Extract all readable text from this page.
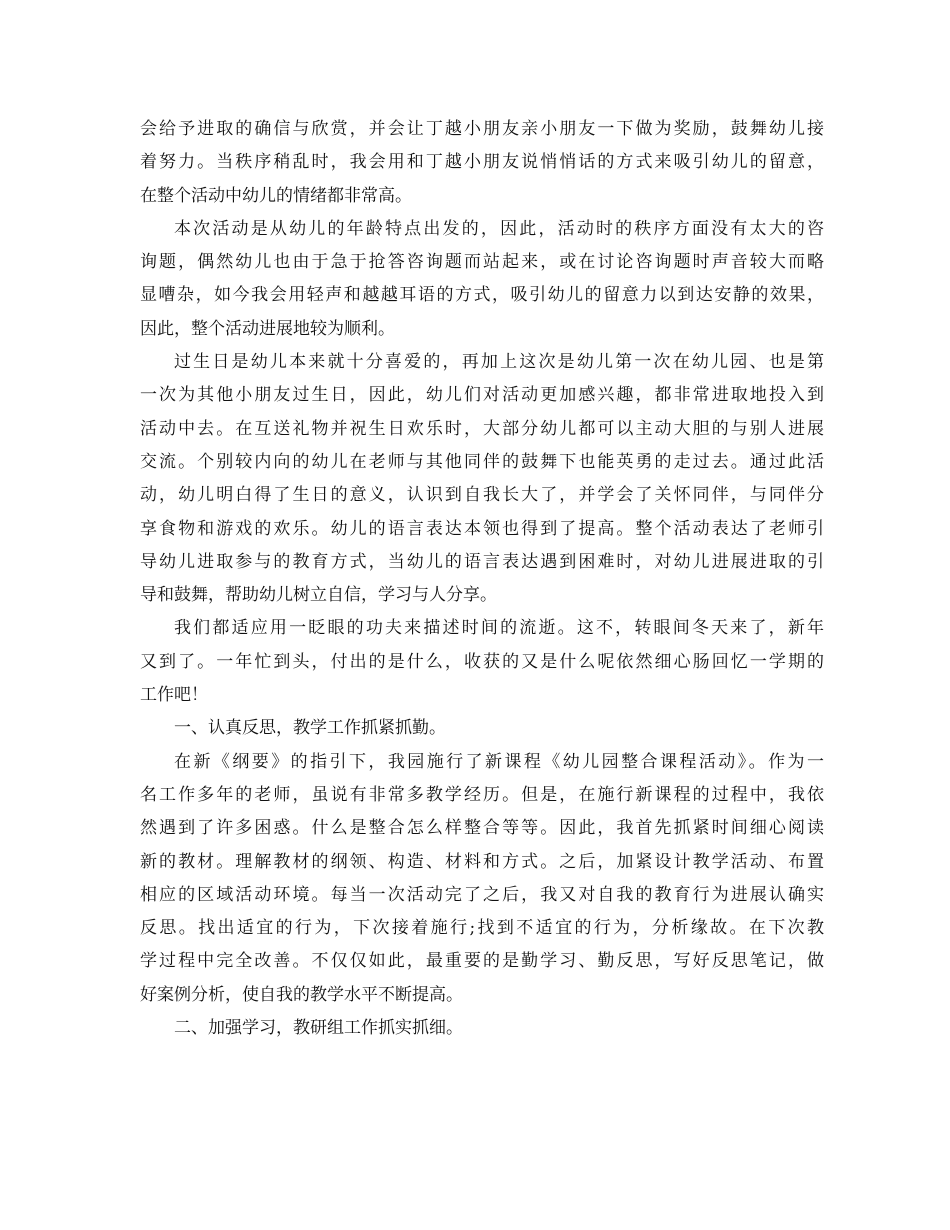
会给予进取的确信与欣赏，并会让丁越小朋友亲小朋友一下做为奖励，鼓舞幼儿接
着努力。当秩序稍乱时，我会用和丁越小朋友说悄悄话的方式来吸引幼儿的留意，
在整个活动中幼儿的情绪都非常高。
本次活动是从幼儿的年龄特点出发的，因此，活动时的秩序方面没有太大的咨
询题，偶然幼儿也由于急于抢答咨询题而站起来，或在讨论咨询题时声音较大而略
显嘈杂，如今我会用轻声和越越耳语的方式，吸引幼儿的留意力以到达安静的效果，
因此，整个活动进展地较为顺利。
过生日是幼儿本来就十分喜爱的，再加上这次是幼儿第一次在幼儿园、也是第
一次为其他小朋友过生日，因此，幼儿们对活动更加感兴趣，都非常进取地投入到
活动中去。在互送礼物并祝生日欢乐时，大部分幼儿都可以主动大胆的与别人进展
交流。个别较内向的幼儿在老师与其他同伴的鼓舞下也能英勇的走过去。通过此活
动，幼儿明白得了生日的意义，认识到自我长大了，并学会了关怀同伴，与同伴分
享食物和游戏的欢乐。幼儿的语言表达本领也得到了提高。整个活动表达了老师引
导幼儿进取参与的教育方式，当幼儿的语言表达遇到困难时，对幼儿进展进取的引
导和鼓舞，帮助幼儿树立自信，学习与人分享。
我们都适应用一眨眼的功夫来描述时间的流逝。这不，转眼间冬天来了，新年
又到了。一年忙到头，付出的是什么，收获的又是什么呢依然细心肠回忆一学期的
工作吧！
一、认真反思，教学工作抓紧抓勤。
在新《纲要》的指引下，我园施行了新课程《幼儿园整合课程活动》。作为一
名工作多年的老师，虽说有非常多教学经历。但是，在施行新课程的过程中，我依
然遇到了许多困惑。什么是整合怎么样整合等等。因此，我首先抓紧时间细心阅读
新的教材。理解教材的纲领、构造、材料和方式。之后，加紧设计教学活动、布置
相应的区域活动环境。每当一次活动完了之后，我又对自我的教育行为进展认确实
反思。找出适宜的行为，下次接着施行;找到不适宜的行为，分析缘故。在下次教
学过程中完全改善。不仅仅如此，最重要的是勤学习、勤反思，写好反思笔记，做
好案例分析，使自我的教学水平不断提高。
二、加强学习，教研组工作抓实抓细。
